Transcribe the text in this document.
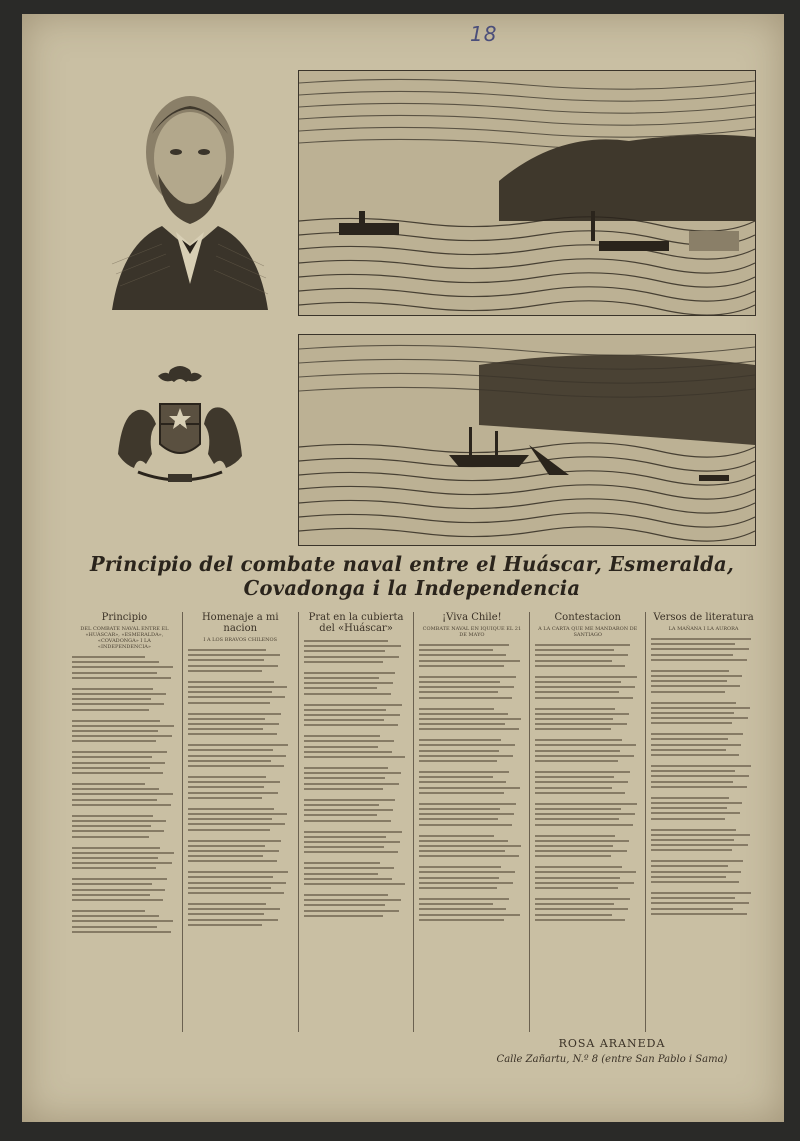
18
Principio del combate naval entre el Huáscar, Esmeralda, Covadonga i la Independencia
Principio
DEL COMBATE NAVAL ENTRE EL «HUÁSCAR», «ESMERALDA», «COVADONGA» I LA «INDEPENDENCIA»
Homenaje a mi nacion
I A LOS BRAVOS CHILENOS
Prat en la cubierta del «Huáscar»
¡Viva Chile!
COMBATE NAVAL EN IQUIQUE EL 21 DE MAYO
Contestacion
A LA CARTA QUE ME MANDARON DE SANTIAGO
Versos de literatura
LA MAÑANA I LA AURORA
ROSA ARANEDA
Calle Zañartu, N.º 8 (entre San Pablo i Sama)
